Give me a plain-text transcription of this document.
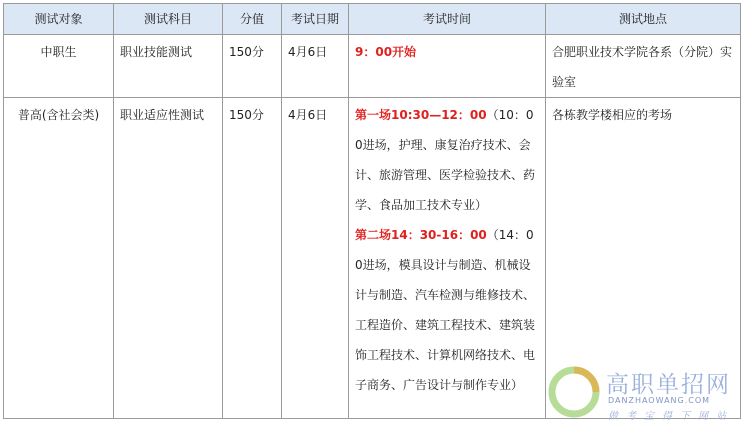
测试对象	测试科目	分值	考试日期	考试时间	测试地点
中职生	职业技能测试	150分	4月6日	9：00开始	合肥职业技术学院各系（分院）实验室
普高(含社会类)	职业适应性测试	150分	4月6日	第一场10:30—12：00（10：00进场，护理、康复治疗技术、会计、旅游管理、医学检验技术、药学、食品加工技术专业）
第二场14：30-16：00（14：00进场，模具设计与制造、机械设计与制造、汽车检测与维修技术、工程造价、建筑工程技术、建筑装饰工程技术、计算机网络技术、电子商务、广告设计与制作专业）	各栋教学楼相应的考场
高职单招网
DANZHAOWANG.COM
做考宝得下网站
